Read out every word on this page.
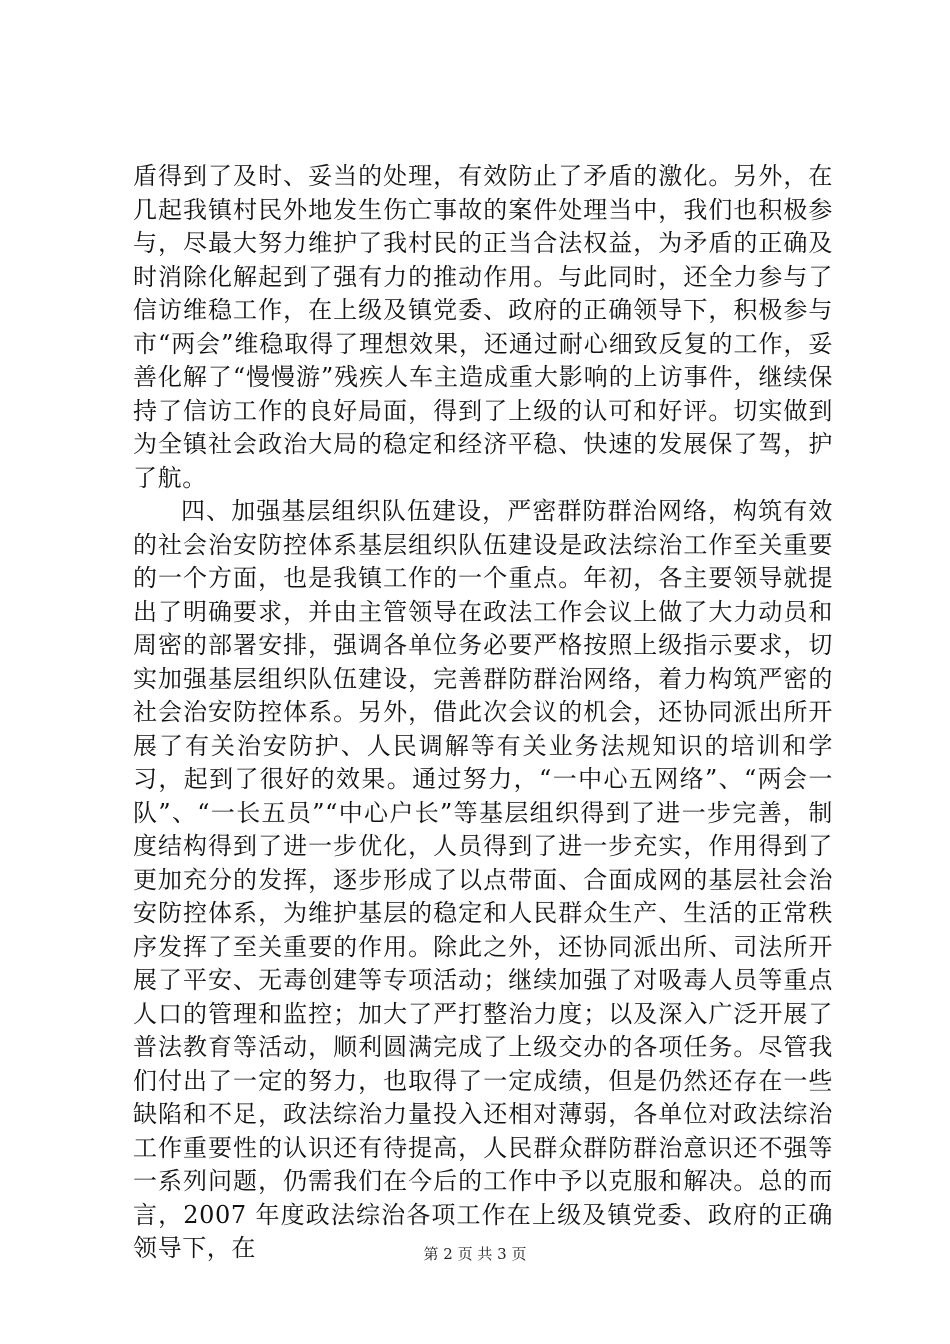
盾得到了及时、妥当的处理，有效防止了矛盾的激化。另外，在几起我镇村民外地发生伤亡事故的案件处理当中，我们也积极参与，尽最大努力维护了我村民的正当合法权益，为矛盾的正确及时消除化解起到了强有力的推动作用。与此同时，还全力参与了信访维稳工作，在上级及镇党委、政府的正确领导下，积极参与市“两会”维稳取得了理想效果，还通过耐心细致反复的工作，妥善化解了“慢慢游”残疾人车主造成重大影响的上访事件，继续保持了信访工作的良好局面，得到了上级的认可和好评。切实做到为全镇社会政治大局的稳定和经济平稳、快速的发展保了驾，护了航。

四、加强基层组织队伍建设，严密群防群治网络，构筑有效的社会治安防控体系基层组织队伍建设是政法综治工作至关重要的一个方面，也是我镇工作的一个重点。年初，各主要领导就提出了明确要求，并由主管领导在政法工作会议上做了大力动员和周密的部署安排，强调各单位务必要严格按照上级指示要求，切实加强基层组织队伍建设，完善群防群治网络，着力构筑严密的社会治安防控体系。另外，借此次会议的机会，还协同派出所开展了有关治安防护、人民调解等有关业务法规知识的培训和学习，起到了很好的效果。通过努力，“一中心五网络”、“两会一队”、“一长五员”“中心户长”等基层组织得到了进一步完善，制度结构得到了进一步优化，人员得到了进一步充实，作用得到了更加充分的发挥，逐步形成了以点带面、合面成网的基层社会治安防控体系，为维护基层的稳定和人民群众生产、生活的正常秩序发挥了至关重要的作用。除此之外，还协同派出所、司法所开展了平安、无毒创建等专项活动；继续加强了对吸毒人员等重点人口的管理和监控；加大了严打整治力度；以及深入广泛开展了普法教育等活动，顺利圆满完成了上级交办的各项任务。尽管我们付出了一定的努力，也取得了一定成绩，但是仍然还存在一些缺陷和不足，政法综治力量投入还相对薄弱，各单位对政法综治工作重要性的认识还有待提高，人民群众群防群治意识还不强等一系列问题，仍需我们在今后的工作中予以克服和解决。总的而言，2007 年度政法综治各项工作在上级及镇党委、政府的正确领导下，在	第 2 页 共 3 页
